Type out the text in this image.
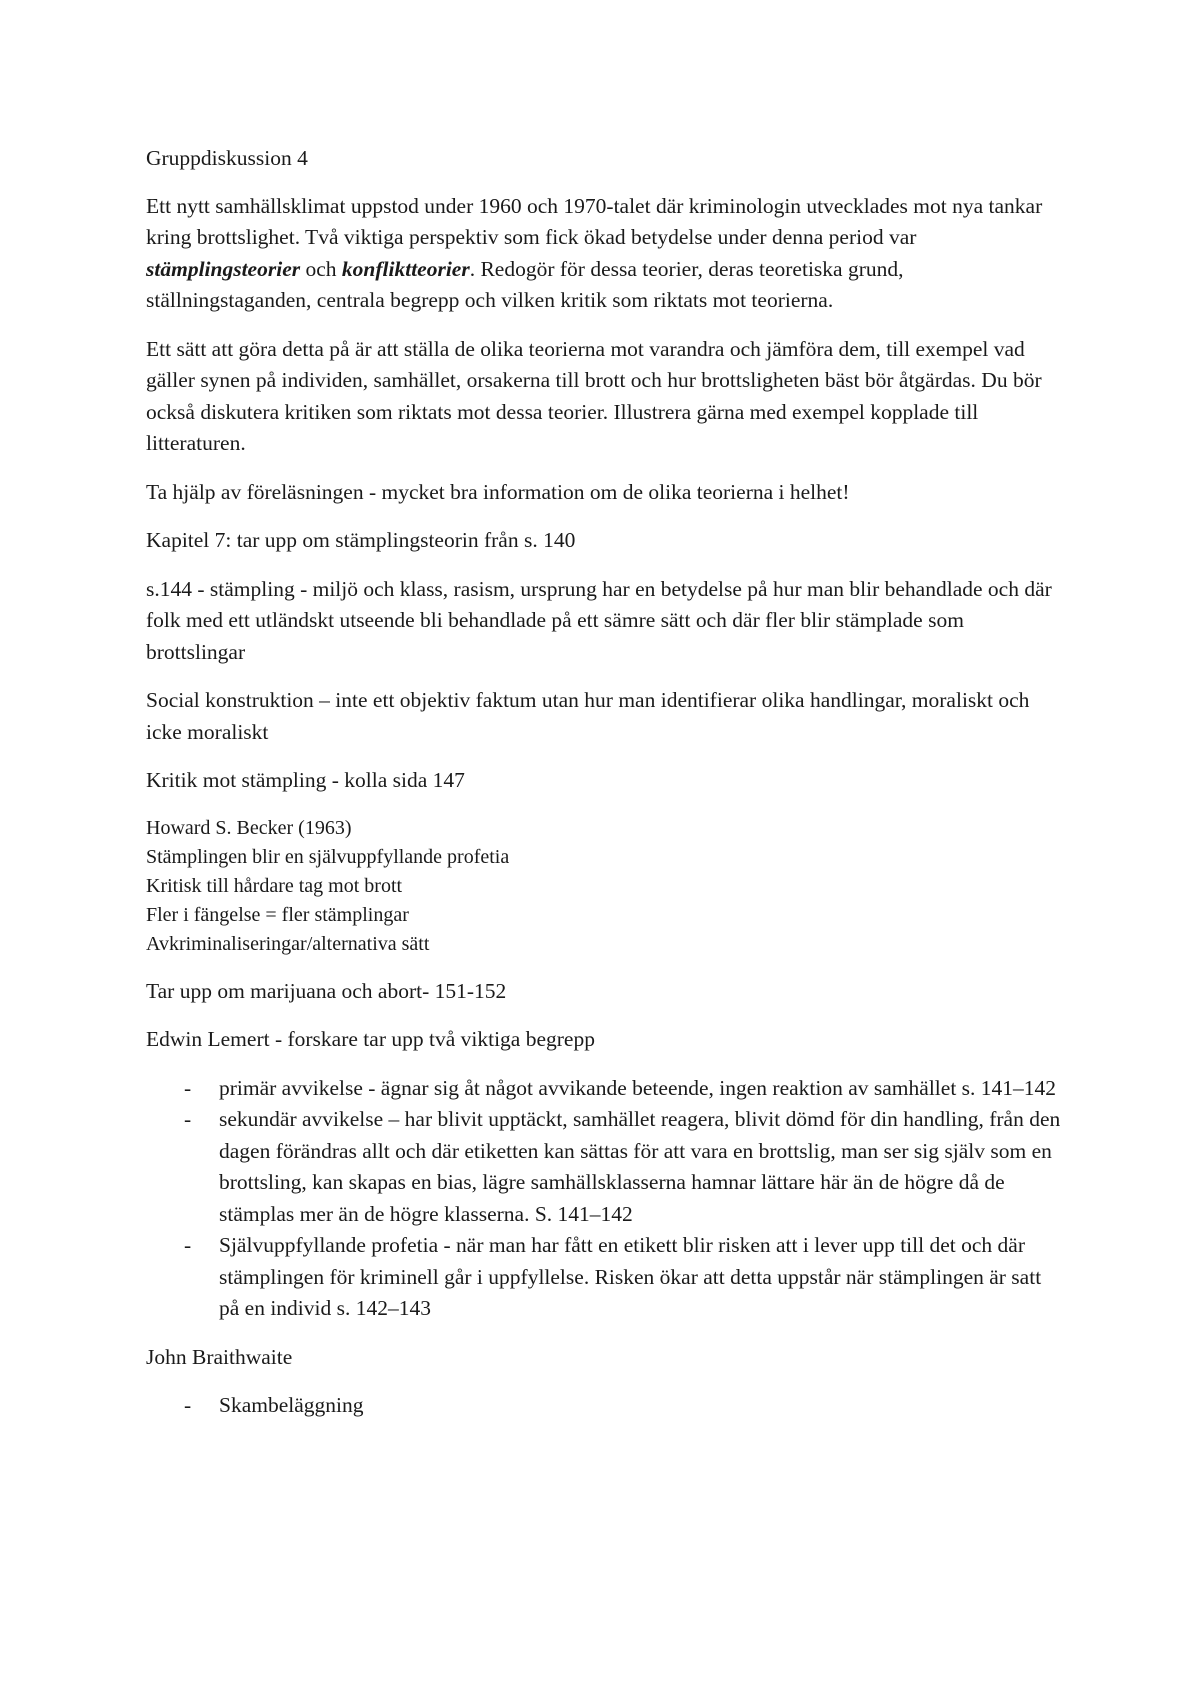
Gruppdiskussion 4

Ett nytt samhällsklimat uppstod under 1960 och 1970-talet där kriminologin utvecklades mot nya tankar kring brottslighet. Två viktiga perspektiv som fick ökad betydelse under denna period var stämplingsteorier och konfliktteorier. Redogör för dessa teorier, deras teoretiska grund, ställningstaganden, centrala begrepp och vilken kritik som riktats mot teorierna.

Ett sätt att göra detta på är att ställa de olika teorierna mot varandra och jämföra dem, till exempel vad gäller synen på individen, samhället, orsakerna till brott och hur brottsligheten bäst bör åtgärdas. Du bör också diskutera kritiken som riktats mot dessa teorier. Illustrera gärna med exempel kopplade till litteraturen.

Ta hjälp av föreläsningen - mycket bra information om de olika teorierna i helhet!

Kapitel 7: tar upp om stämplingsteorin från s. 140

s.144 - stämpling - miljö och klass, rasism, ursprung har en betydelse på hur man blir behandlade och där folk med ett utländskt utseende bli behandlade på ett sämre sätt och där fler blir stämplade som brottslingar

Social konstruktion – inte ett objektiv faktum utan hur man identifierar olika handlingar, moraliskt och icke moraliskt

Kritik mot stämpling - kolla sida 147

Howard S. Becker (1963)

Stämplingen blir en självuppfyllande profetia

Kritisk till hårdare tag mot brott

Fler i fängelse = fler stämplingar

Avkriminaliseringar/alternativa sätt

Tar upp om marijuana och abort- 151-152

Edwin Lemert - forskare tar upp två viktiga begrepp

- primär avvikelse - ägnar sig åt något avvikande beteende, ingen reaktion av samhället s. 141–142
- sekundär avvikelse – har blivit upptäckt, samhället reagera, blivit dömd för din handling, från den dagen förändras allt och där etiketten kan sättas för att vara en brottslig, man ser sig själv som en brottsling, kan skapas en bias, lägre samhällsklasserna hamnar lättare här än de högre då de stämplas mer än de högre klasserna. S. 141–142
- Självuppfyllande profetia - när man har fått en etikett blir risken att i lever upp till det och där stämplingen för kriminell går i uppfyllelse. Risken ökar att detta uppstår när stämplingen är satt på en individ s. 142–143

John Braithwaite

- Skambeläggning
